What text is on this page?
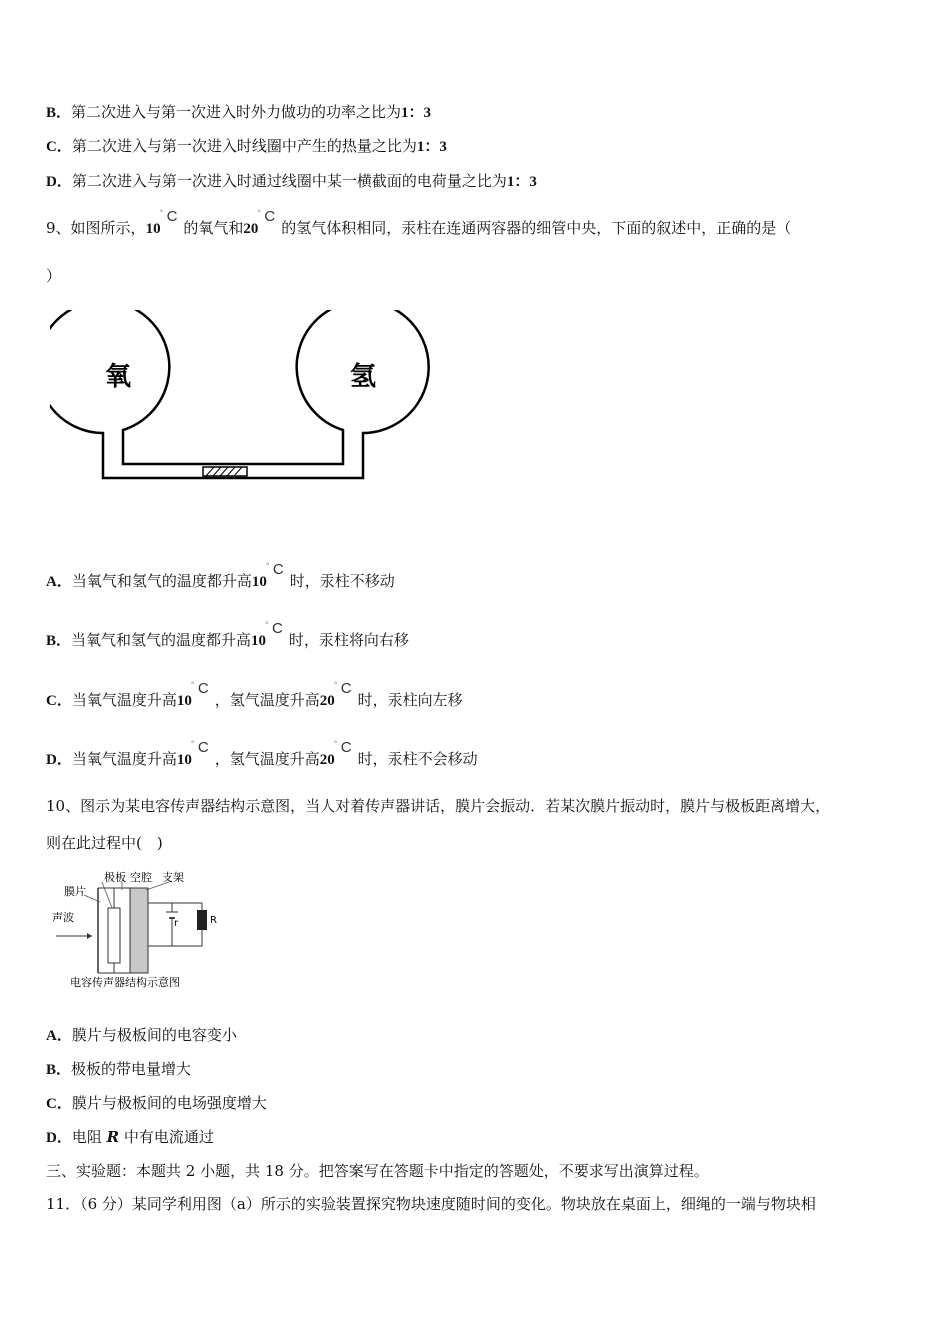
B．第二次进入与第一次进入时外力做功的功率之比为1：3
C．第二次进入与第一次进入时线圈中产生的热量之比为1：3
D．第二次进入与第一次进入时通过线圈中某一横截面的电荷量之比为1：3
9、如图所示，10° C的氧气和20° C的氢气体积相同，汞柱在连通两容器的细管中央，下面的叙述中，正确的是（
）
氧	氢
A．当氧气和氢气的温度都升高10° C时，汞柱不移动
B．当氧气和氢气的温度都升高10° C时，汞柱将向右移
C．当氧气温度升高10° C，氢气温度升高20° C时，汞柱向左移
D．当氧气温度升高10° C，氢气温度升高20° C时，汞柱不会移动
10、图示为某电容传声器结构示意图，当人对着传声器讲话，膜片会振动．若某次膜片振动时，膜片与极板距离增大，
则在此过程中(　)
极板 空腔 支架
膜片
声波	r	R
电容传声器结构示意图
A．膜片与极板间的电容变小
B．极板的带电量增大
C．膜片与极板间的电场强度增大
D．电阻 R 中有电流通过
三、实验题：本题共 2 小题，共 18 分。把答案写在答题卡中指定的答题处，不要求写出演算过程。
11．（6 分）某同学利用图（a）所示的实验装置探究物块速度随时间的变化。物块放在桌面上，细绳的一端与物块相
